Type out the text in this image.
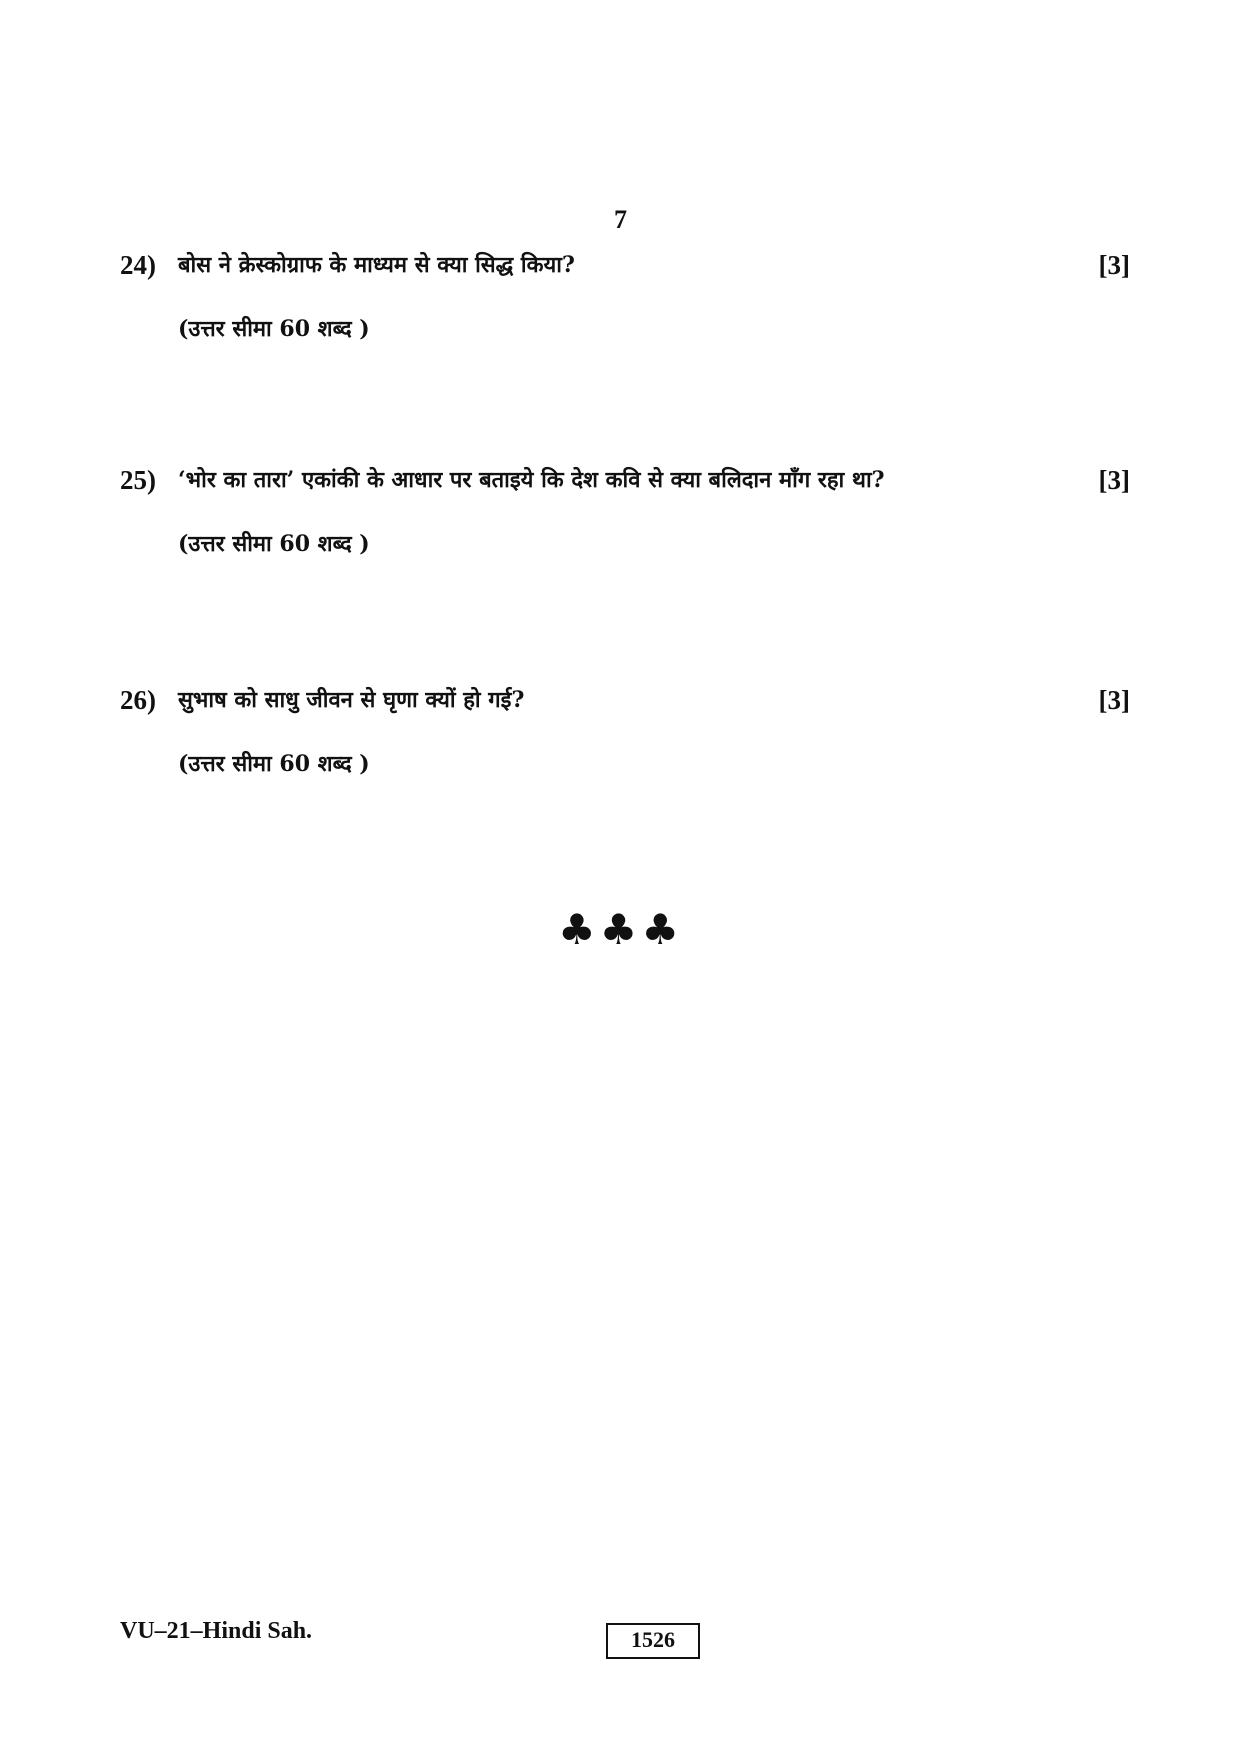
7
24) बोस ने क्रेस्कोग्राफ के माध्यम से क्या सिद्ध किया?	[3]
(उत्तर सीमा 60 शब्द )
25) ‘भोर का तारा’ एकांकी के आधार पर बताइये कि देश कवि से क्या बलिदान माँग रहा था?	[3]
(उत्तर सीमा 60 शब्द )
26) सुभाष को साधु जीवन से घृणा क्यों हो गई?	[3]
(उत्तर सीमा 60 शब्द )
♣♣♣
VU–21–Hindi Sah.	1526
